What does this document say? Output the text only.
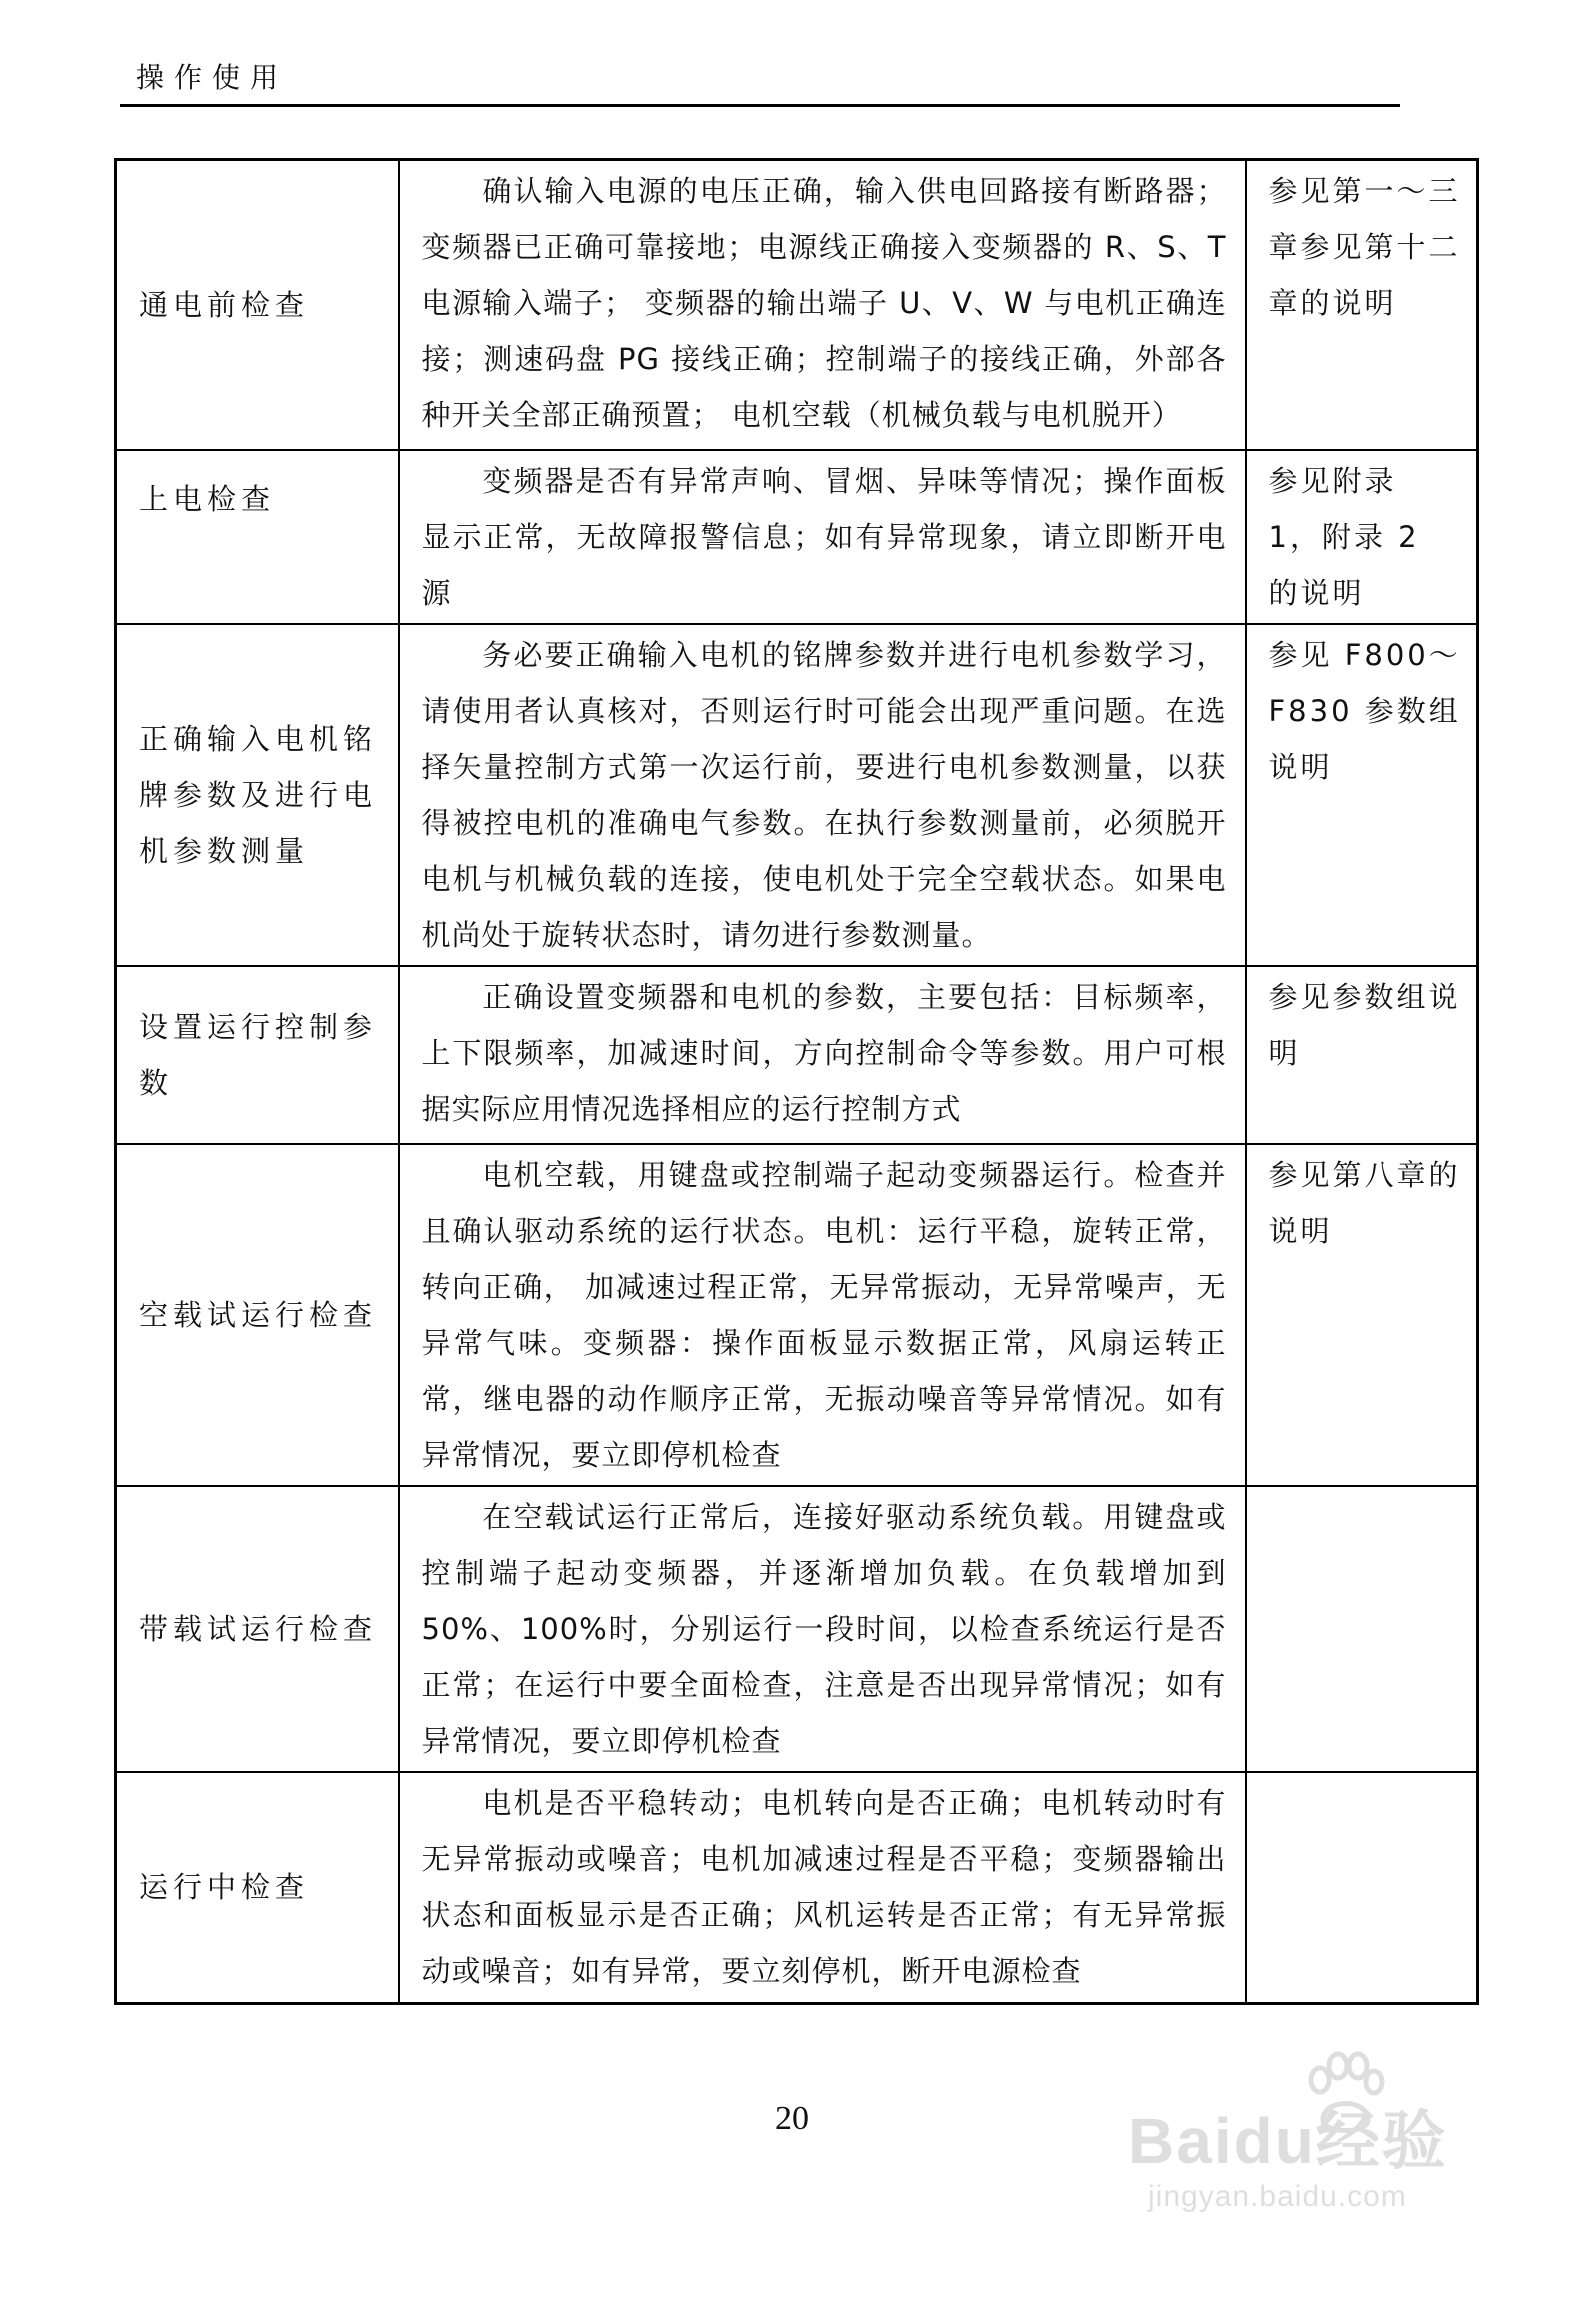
操作使用
通电前检查	确认输入电源的电压正确，输入供电回路接有断路器；变频器已正确可靠接地；电源线正确接入变频器的 R、S、T 电源输入端子； 变频器的输出端子 U、V、W 与电机正确连接；测速码盘 PG 接线正确；控制端子的接线正确，外部各种开关全部正确预置； 电机空载（机械负载与电机脱开）	参见第一～三章参见第十二章的说明
上电检查	变频器是否有异常声响、冒烟、异味等情况；操作面板显示正常，无故障报警信息；如有异常现象，请立即断开电源	参见附录 1，附录 2 的说明
正确输入电机铭牌参数及进行电机参数测量	务必要正确输入电机的铭牌参数并进行电机参数学习，请使用者认真核对，否则运行时可能会出现严重问题。在选择矢量控制方式第一次运行前，要进行电机参数测量，以获得被控电机的准确电气参数。在执行参数测量前，必须脱开电机与机械负载的连接，使电机处于完全空载状态。如果电机尚处于旋转状态时，请勿进行参数测量。	参见 F800～F830 参数组说明
设置运行控制参数	正确设置变频器和电机的参数，主要包括：目标频率，上下限频率，加减速时间，方向控制命令等参数。用户可根据实际应用情况选择相应的运行控制方式	参见参数组说明
空载试运行检查	电机空载，用键盘或控制端子起动变频器运行。检查并且确认驱动系统的运行状态。电机：运行平稳，旋转正常，转向正确， 加减速过程正常，无异常振动，无异常噪声，无异常气味。变频器：操作面板显示数据正常，风扇运转正常，继电器的动作顺序正常，无振动噪音等异常情况。如有异常情况，要立即停机检查	参见第八章的说明
带载试运行检查	在空载试运行正常后，连接好驱动系统负载。用键盘或控制端子起动变频器，并逐渐增加负载。在负载增加到 50%、100%时，分别运行一段时间，以检查系统运行是否正常；在运行中要全面检查，注意是否出现异常情况；如有异常情况，要立即停机检查	
运行中检查	电机是否平稳转动；电机转向是否正确；电机转动时有无异常振动或噪音；电机加减速过程是否平稳；变频器输出状态和面板显示是否正确；风机运转是否正常；有无异常振动或噪音；如有异常，要立刻停机，断开电源检查	
20	Baidu经验
jingyan.baidu.com
